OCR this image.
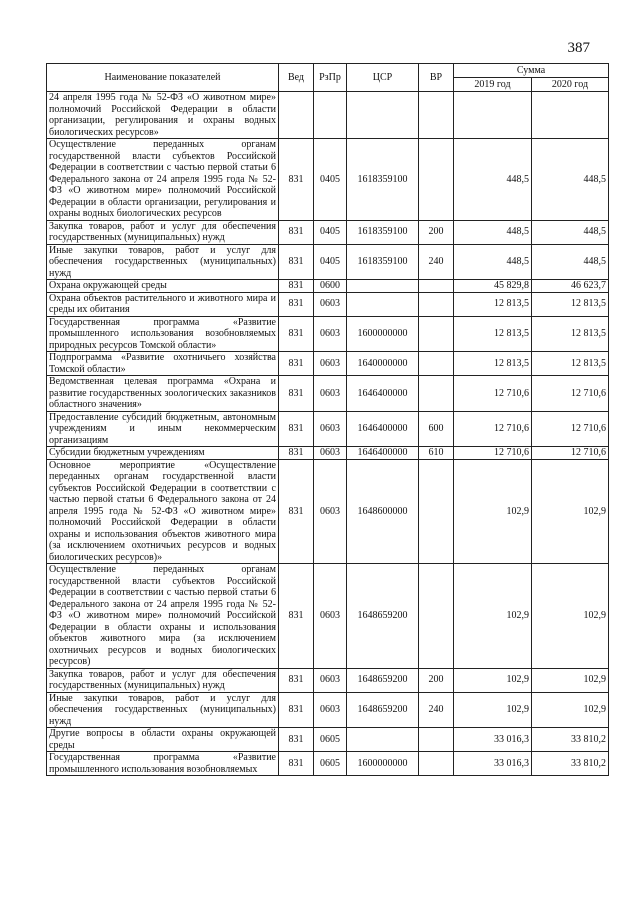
387
Наименование показателей	Вед	РзПр	ЦСР	ВР	Сумма	
					2019 год	2020 год
24 апреля 1995 года № 52-ФЗ «О животном мире» полномочий Российской Федерации в области организации, регулирования и охраны водных биологических ресурсов»						
Осуществление переданных органам государственной власти субъектов Российской Федерации в соответствии с частью первой статьи 6 Федерального закона от 24 апреля 1995 года № 52-ФЗ «О животном мире» полномочий Российской Федерации в области организации, регулирования и охраны водных биологических ресурсов	831	0405	1618359100		448,5	448,5
Закупка товаров, работ и услуг для обеспечения государственных (муниципальных) нужд	831	0405	1618359100	200	448,5	448,5
Иные закупки товаров, работ и услуг для обеспечения государственных (муниципальных) нужд	831	0405	1618359100	240	448,5	448,5
Охрана окружающей среды	831	0600			45 829,8	46 623,7
Охрана объектов растительного и животного мира и среды их обитания	831	0603			12 813,5	12 813,5
Государственная программа «Развитие промышленного использования возобновляемых природных ресурсов Томской области»	831	0603	1600000000		12 813,5	12 813,5
Подпрограмма «Развитие охотничьего хозяйства Томской области»	831	0603	1640000000		12 813,5	12 813,5
Ведомственная целевая программа «Охрана и развитие государственных зоологических заказников областного значения»	831	0603	1646400000		12 710,6	12 710,6
Предоставление субсидий бюджетным, автономным учреждениям и иным некоммерческим организациям	831	0603	1646400000	600	12 710,6	12 710,6
Субсидии бюджетным учреждениям	831	0603	1646400000	610	12 710,6	12 710,6
Основное мероприятие «Осуществление переданных органам государственной власти субъектов Российской Федерации в соответствии с частью первой статьи 6 Федерального закона от 24 апреля 1995 года № 52-ФЗ «О животном мире» полномочий Российской Федерации в области охраны и использования объектов животного мира (за исключением охотничьих ресурсов и водных биологических ресурсов)»	831	0603	1648600000		102,9	102,9
Осуществление переданных органам государственной власти субъектов Российской Федерации в соответствии с частью первой статьи 6 Федерального закона от 24 апреля 1995 года № 52-ФЗ «О животном мире» полномочий Российской Федерации в области охраны и использования объектов животного мира (за исключением охотничьих ресурсов и водных биологических ресурсов)	831	0603	1648659200		102,9	102,9
Закупка товаров, работ и услуг для обеспечения государственных (муниципальных) нужд	831	0603	1648659200	200	102,9	102,9
Иные закупки товаров, работ и услуг для обеспечения государственных (муниципальных) нужд	831	0603	1648659200	240	102,9	102,9
Другие вопросы в области охраны окружающей среды	831	0605			33 016,3	33 810,2
Государственная программа «Развитие промышленного использования возобновляемых	831	0605	1600000000		33 016,3	33 810,2
